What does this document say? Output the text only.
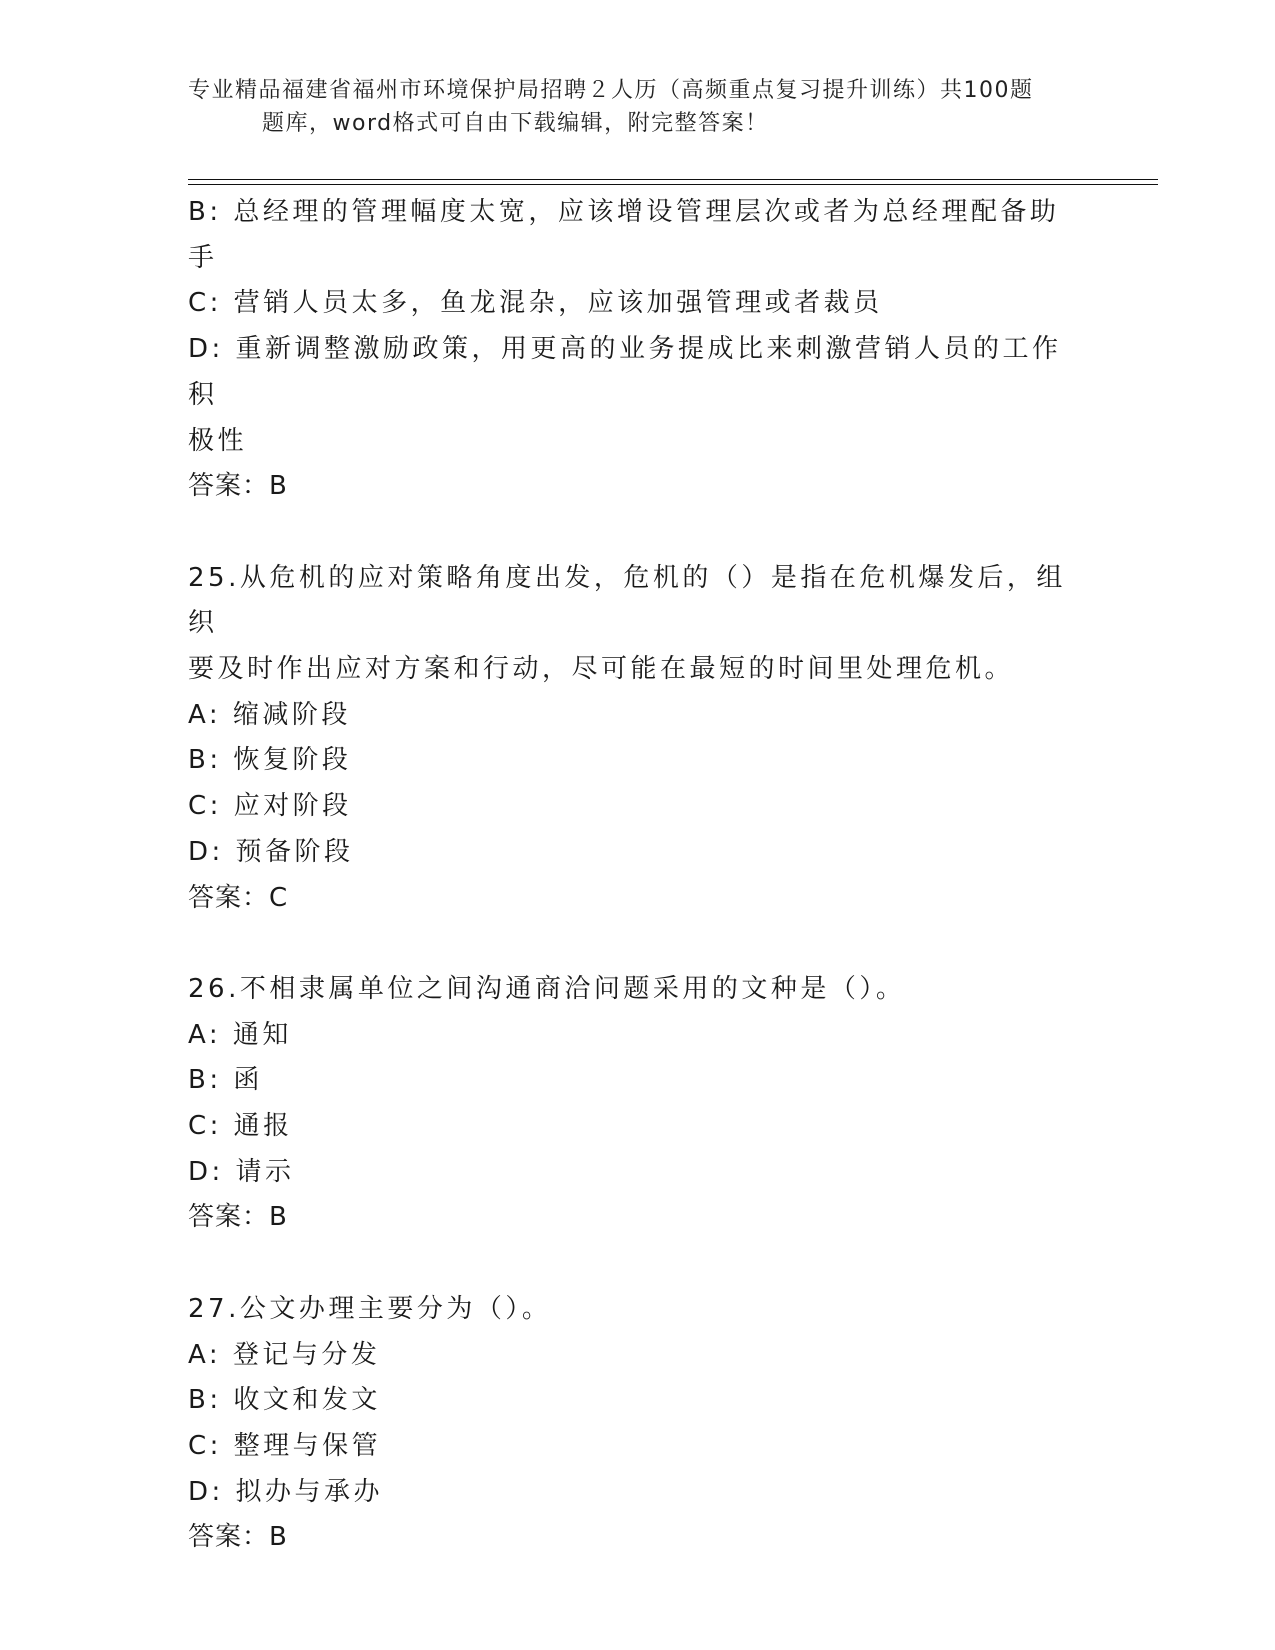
专业精品福建省福州市环境保护局招聘２人历（高频重点复习提升训练）共100题
题库，word格式可自由下载编辑，附完整答案！

B: 总经理的管理幅度太宽，应该增设管理层次或者为总经理配备助手

C: 营销人员太多，鱼龙混杂，应该加强管理或者裁员

D: 重新调整激励政策，用更高的业务提成比来刺激营销人员的工作积

极性

答案：B

25.从危机的应对策略角度出发，危机的（）是指在危机爆发后，组织

要及时作出应对方案和行动，尽可能在最短的时间里处理危机。

A: 缩减阶段

B: 恢复阶段

C: 应对阶段

D: 预备阶段

答案：C

26.不相隶属单位之间沟通商洽问题采用的文种是（）。

A: 通知

B: 函

C: 通报

D: 请示

答案：B

27.公文办理主要分为（）。

A: 登记与分发

B: 收文和发文

C: 整理与保管

D: 拟办与承办

答案：B
